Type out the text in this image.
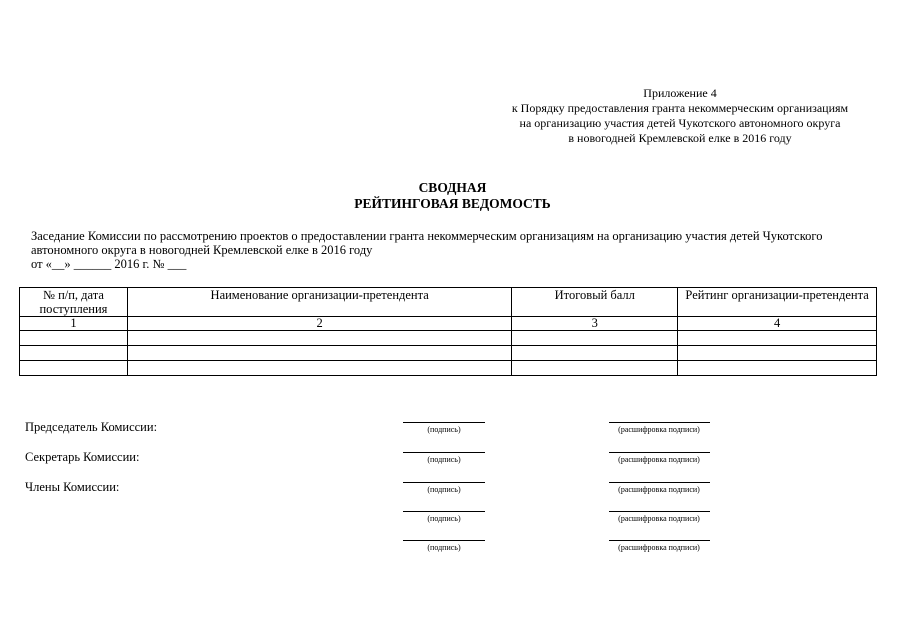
Приложение 4
к Порядку предоставления гранта некоммерческим организациям
на организацию участия детей Чукотского автономного округа
в новогодней Кремлевской елке в 2016 году
СВОДНАЯ
РЕЙТИНГОВАЯ ВЕДОМОСТЬ
Заседание Комиссии по рассмотрению проектов о предоставлении гранта некоммерческим организациям на организацию участия детей Чукотского
автономного округа в новогодней Кремлевской елке в 2016 году
от «__» ______ 2016 г. № ___
№ п/п, дата поступления	Наименование организации-претендента	Итоговый балл	Рейтинг организации-претендента
1	2	3	4

Председатель Комиссии:
Секретарь Комиссии:
Члены Комиссии:
(подпись)	(расшифровка подписи)
(подпись)	(расшифровка подписи)
(подпись)	(расшифровка подписи)
(подпись)	(расшифровка подписи)
(подпись)	(расшифровка подписи)
